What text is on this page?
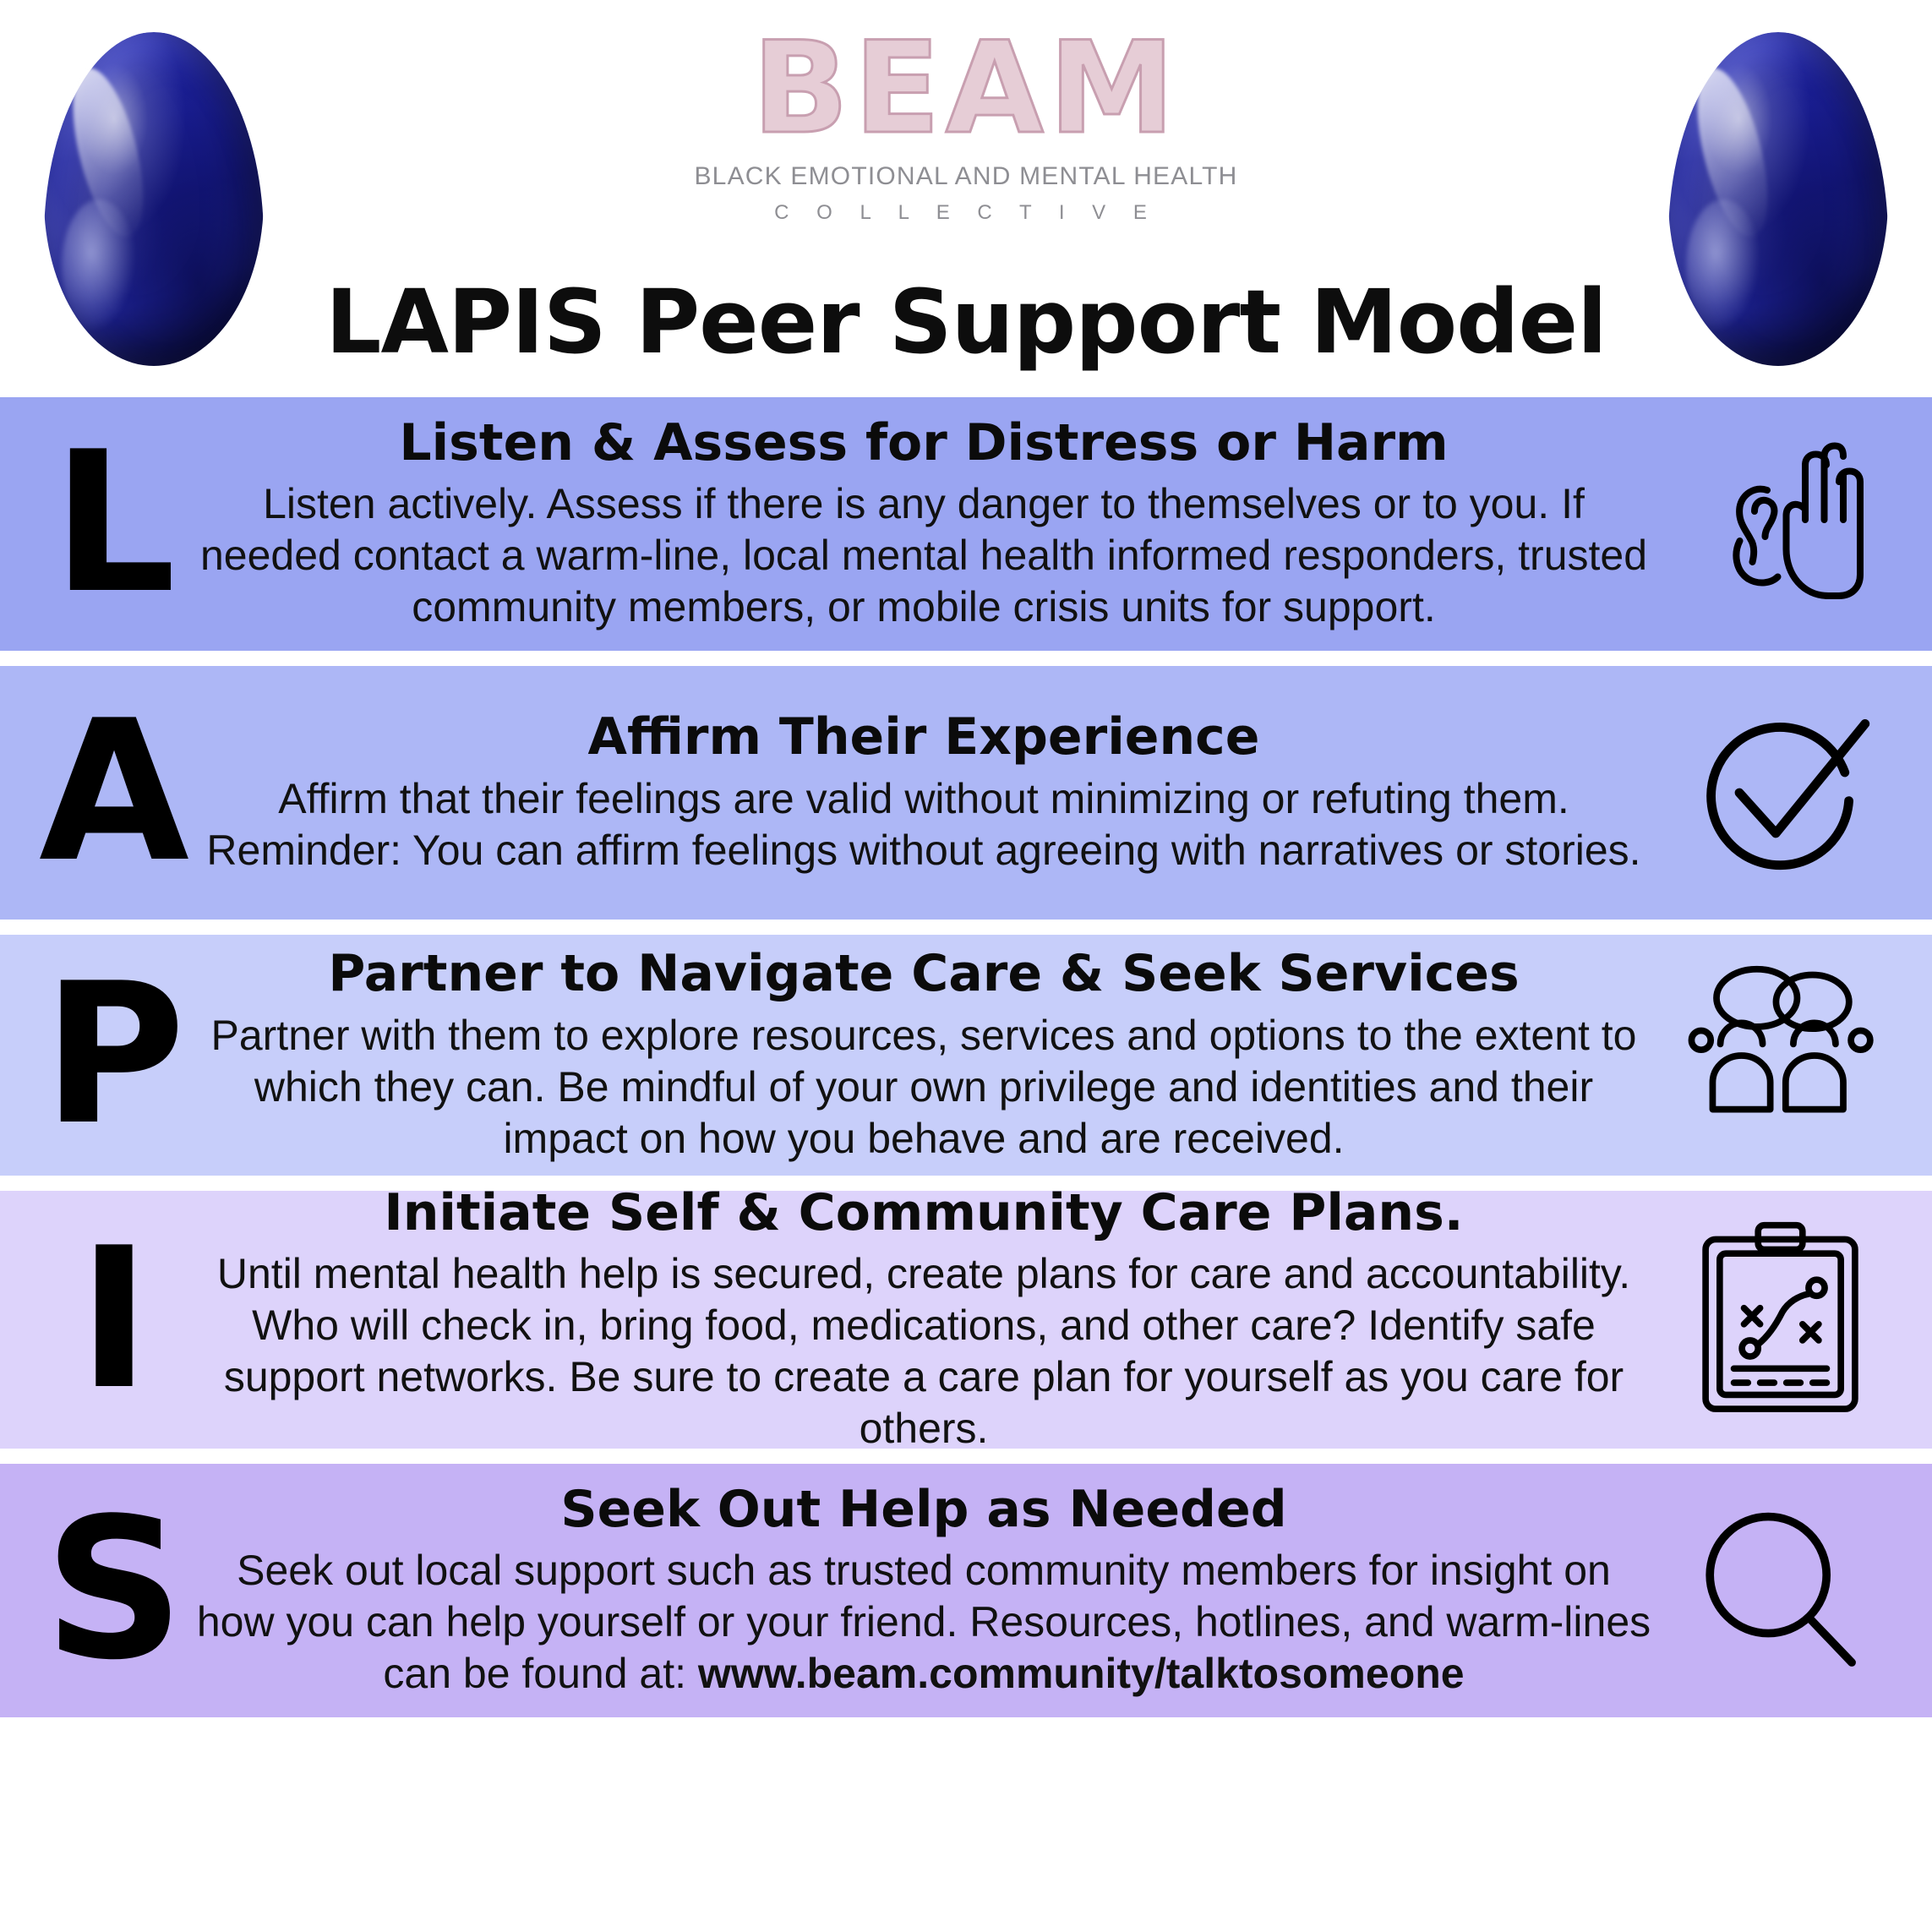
BEAM
BLACK EMOTIONAL AND MENTAL HEALTH
C O L L E C T I V E
LAPIS Peer Support Model
L	Listen & Assess for Distress or Harm
Listen actively. Assess if there is any danger to themselves or to you. If needed contact a warm-line, local mental health informed responders, trusted community members, or mobile crisis units for support.
A	Affirm Their Experience
Affirm that their feelings are valid without minimizing or refuting them. Reminder: You can affirm feelings without agreeing with narratives or stories.
P	Partner to Navigate Care & Seek Services
Partner with them to explore resources, services and options to the extent to which they can. Be mindful of your own privilege and identities and their impact on how you behave and are received.
I	Initiate Self & Community Care Plans.
Until mental health help is secured, create plans for care and accountability. Who will check in, bring food, medications, and other care? Identify safe support networks. Be sure to create a care plan for yourself as you care for others.
S	Seek Out Help as Needed
Seek out local support such as trusted community members for insight on how you can help yourself or your friend. Resources, hotlines, and warm-lines can be found at: www.beam.community/talktosomeone
